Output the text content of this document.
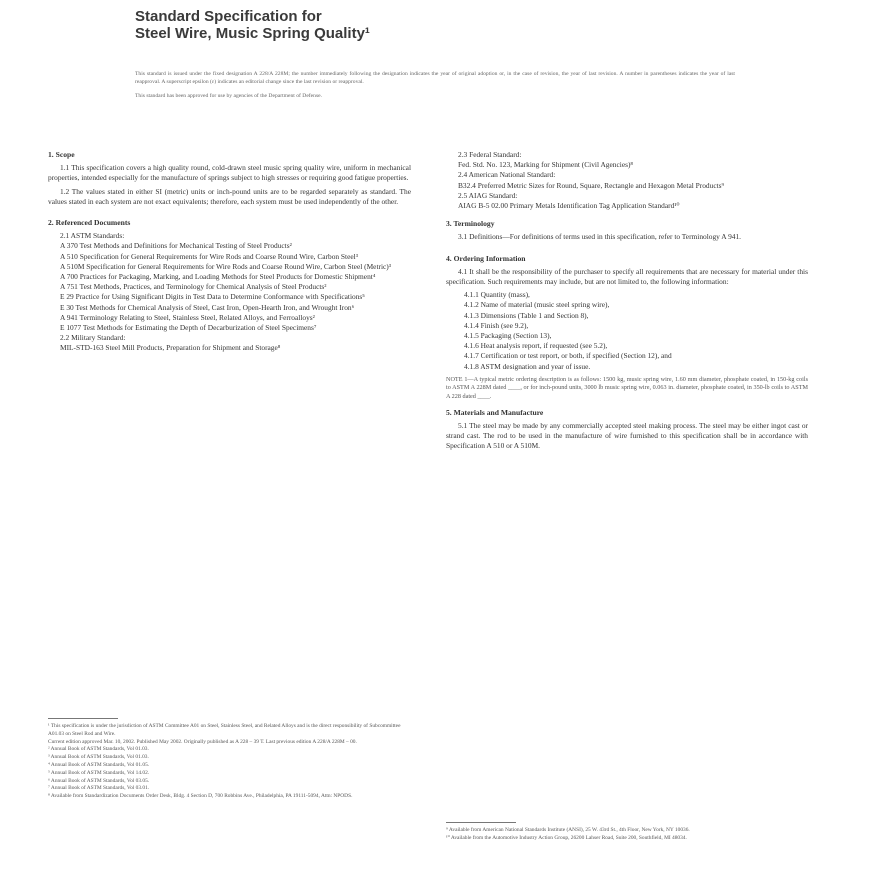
Standard Specification for
Steel Wire, Music Spring Quality¹

This standard is issued under the fixed designation A 228/A 228M; the number immediately following the designation indicates the year of original adoption or, in the case of revision, the year of last revision. A number in parentheses indicates the year of last reapproval. A superscript epsilon (ε) indicates an editorial change since the last revision or reapproval.

This standard has been approved for use by agencies of the Department of Defense.

1. Scope

1.1 This specification covers a high quality round, cold-drawn steel music spring quality wire, uniform in mechanical properties, intended especially for the manufacture of springs subject to high stresses or requiring good fatigue properties.

1.2 The values stated in either SI (metric) units or inch-pound units are to be regarded separately as standard. The values stated in each system are not exact equivalents; therefore, each system must be used independently of the other.

2. Referenced Documents

2.1 ASTM Standards:

A 370 Test Methods and Definitions for Mechanical Testing of Steel Products²

A 510 Specification for General Requirements for Wire Rods and Coarse Round Wire, Carbon Steel³

A 510M Specification for General Requirements for Wire Rods and Coarse Round Wire, Carbon Steel (Metric)³

A 700 Practices for Packaging, Marking, and Loading Methods for Steel Products for Domestic Shipment⁴

A 751 Test Methods, Practices, and Terminology for Chemical Analysis of Steel Products²

E 29 Practice for Using Significant Digits in Test Data to Determine Conformance with Specifications⁵

E 30 Test Methods for Chemical Analysis of Steel, Cast Iron, Open-Hearth Iron, and Wrought Iron⁶

A 941 Terminology Relating to Steel, Stainless Steel, Related Alloys, and Ferroalloys²

E 1077 Test Methods for Estimating the Depth of Decarburization of Steel Specimens⁷

2.2 Military Standard:

MIL-STD-163 Steel Mill Products, Preparation for Shipment and Storage⁸

¹ This specification is under the jurisdiction of ASTM Committee A01 on Steel, Stainless Steel, and Related Alloys and is the direct responsibility of Subcommittee A01.03 on Steel Rod and Wire.

Current edition approved Mar. 10, 2002. Published May 2002. Originally published as A 228 – 39 T. Last previous edition A 228/A 228M – 00.

² Annual Book of ASTM Standards, Vol 01.03.

³ Annual Book of ASTM Standards, Vol 01.03.

⁴ Annual Book of ASTM Standards, Vol 01.05.

⁵ Annual Book of ASTM Standards, Vol 14.02.

⁶ Annual Book of ASTM Standards, Vol 03.05.

⁷ Annual Book of ASTM Standards, Vol 03.01.

⁸ Available from Standardization Documents Order Desk, Bldg. 4 Section D, 700 Robbins Ave., Philadelphia, PA 19111-5094, Attn: NPODS.

2.3 Federal Standard:

Fed. Std. No. 123, Marking for Shipment (Civil Agencies)⁸

2.4 American National Standard:

B32.4 Preferred Metric Sizes for Round, Square, Rectangle and Hexagon Metal Products⁹

2.5 AIAG Standard:

AIAG B-5 02.00 Primary Metals Identification Tag Application Standard¹⁰

3. Terminology

3.1 Definitions—For definitions of terms used in this specification, refer to Terminology A 941.

4. Ordering Information

4.1 It shall be the responsibility of the purchaser to specify all requirements that are necessary for material under this specification. Such requirements may include, but are not limited to, the following information:

4.1.1 Quantity (mass),

4.1.2 Name of material (music steel spring wire),

4.1.3 Dimensions (Table 1 and Section 8),

4.1.4 Finish (see 9.2),

4.1.5 Packaging (Section 13),

4.1.6 Heat analysis report, if requested (see 5.2),

4.1.7 Certification or test report, or both, if specified (Section 12), and

4.1.8 ASTM designation and year of issue.

NOTE 1—A typical metric ordering description is as follows: 1500 kg, music spring wire, 1.60 mm diameter, phosphate coated, in 150-kg coils to ASTM A 228M dated ____, or for inch-pound units, 3000 lb music spring wire, 0.063 in. diameter, phosphate coated, in 350-lb coils to ASTM A 228 dated ____.

5. Materials and Manufacture

5.1 The steel may be made by any commercially accepted steel making process. The steel may be either ingot cast or strand cast. The rod to be used in the manufacture of wire furnished to this specification shall be in accordance with Specification A 510 or A 510M.

⁹ Available from American National Standards Institute (ANSI), 25 W. 43rd St., 4th Floor, New York, NY 10036.

¹⁰ Available from the Automotive Industry Action Group, 26200 Lahser Road, Suite 200, Southfield, MI 48034.
